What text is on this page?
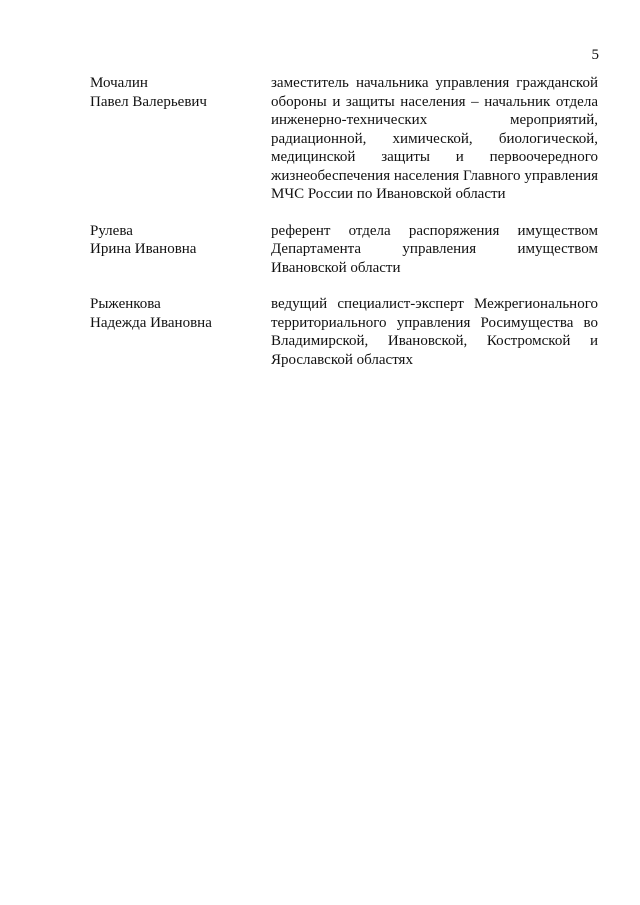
5
Мочалин
Павел Валерьевич
заместитель начальника управления гражданской обороны и защиты населения – начальник отдела инженерно-технических мероприятий, радиационной, химической, биологической, медицинской защиты и первоочередного жизнеобеспечения населения Главного управления МЧС России по Ивановской области
Рулева
Ирина Ивановна
референт отдела распоряжения имуществом Департамента управления имуществом Ивановской области
Рыженкова
Надежда Ивановна
ведущий специалист-эксперт Межрегионального территориального управления Росимущества во Владимирской, Ивановской, Костромской и Ярославской областях
